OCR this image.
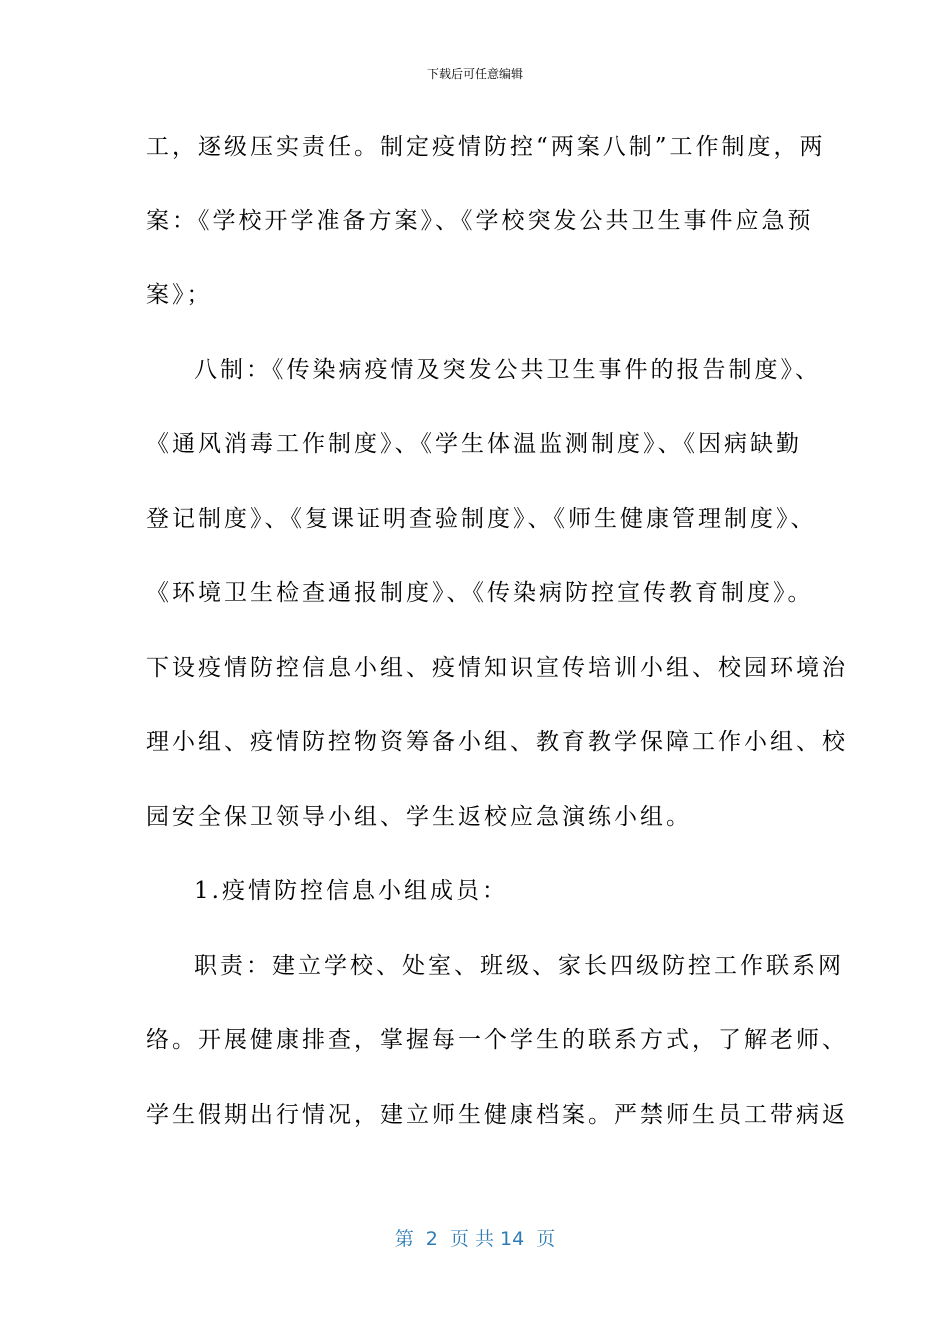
下载后可任意编辑
工，逐级压实责任。制定疫情防控“两案八制”工作制度，两
案：《学校开学准备方案》、《学校突发公共卫生事件应急预
案》；
八制：《传染病疫情及突发公共卫生事件的报告制度》、
《通风消毒工作制度》、《学生体温监测制度》、《因病缺勤
登记制度》、《复课证明查验制度》、《师生健康管理制度》、
《环境卫生检查通报制度》、《传染病防控宣传教育制度》。
下设疫情防控信息小组、疫情知识宣传培训小组、校园环境治
理小组、疫情防控物资筹备小组、教育教学保障工作小组、校
园安全保卫领导小组、学生返校应急演练小组。
1.疫情防控信息小组成员：
职责：建立学校、处室、班级、家长四级防控工作联系网
络。开展健康排查，掌握每一个学生的联系方式，了解老师、
学生假期出行情况，建立师生健康档案。严禁师生员工带病返
第  2  页 共 14  页
